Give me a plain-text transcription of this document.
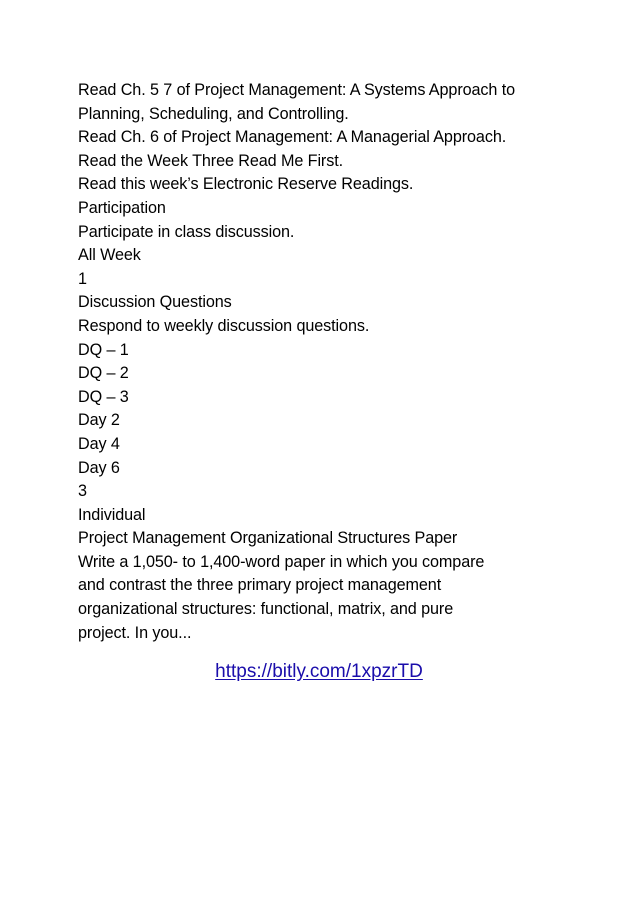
Read Ch. 5 7 of Project Management: A Systems Approach to
Planning, Scheduling, and Controlling.
Read Ch. 6 of Project Management: A Managerial Approach.
Read the Week Three Read Me First.
Read this week’s Electronic Reserve Readings.
Participation
Participate in class discussion.
All Week
1
Discussion Questions
Respond to weekly discussion questions.
DQ – 1
DQ – 2
DQ – 3
Day 2
Day 4
Day 6
3
Individual
Project Management Organizational Structures Paper
Write a 1,050- to 1,400-word paper in which you compare
and contrast the three primary project management
organizational structures: functional, matrix, and pure
project. In you...
https://bitly.com/1xpzrTD
